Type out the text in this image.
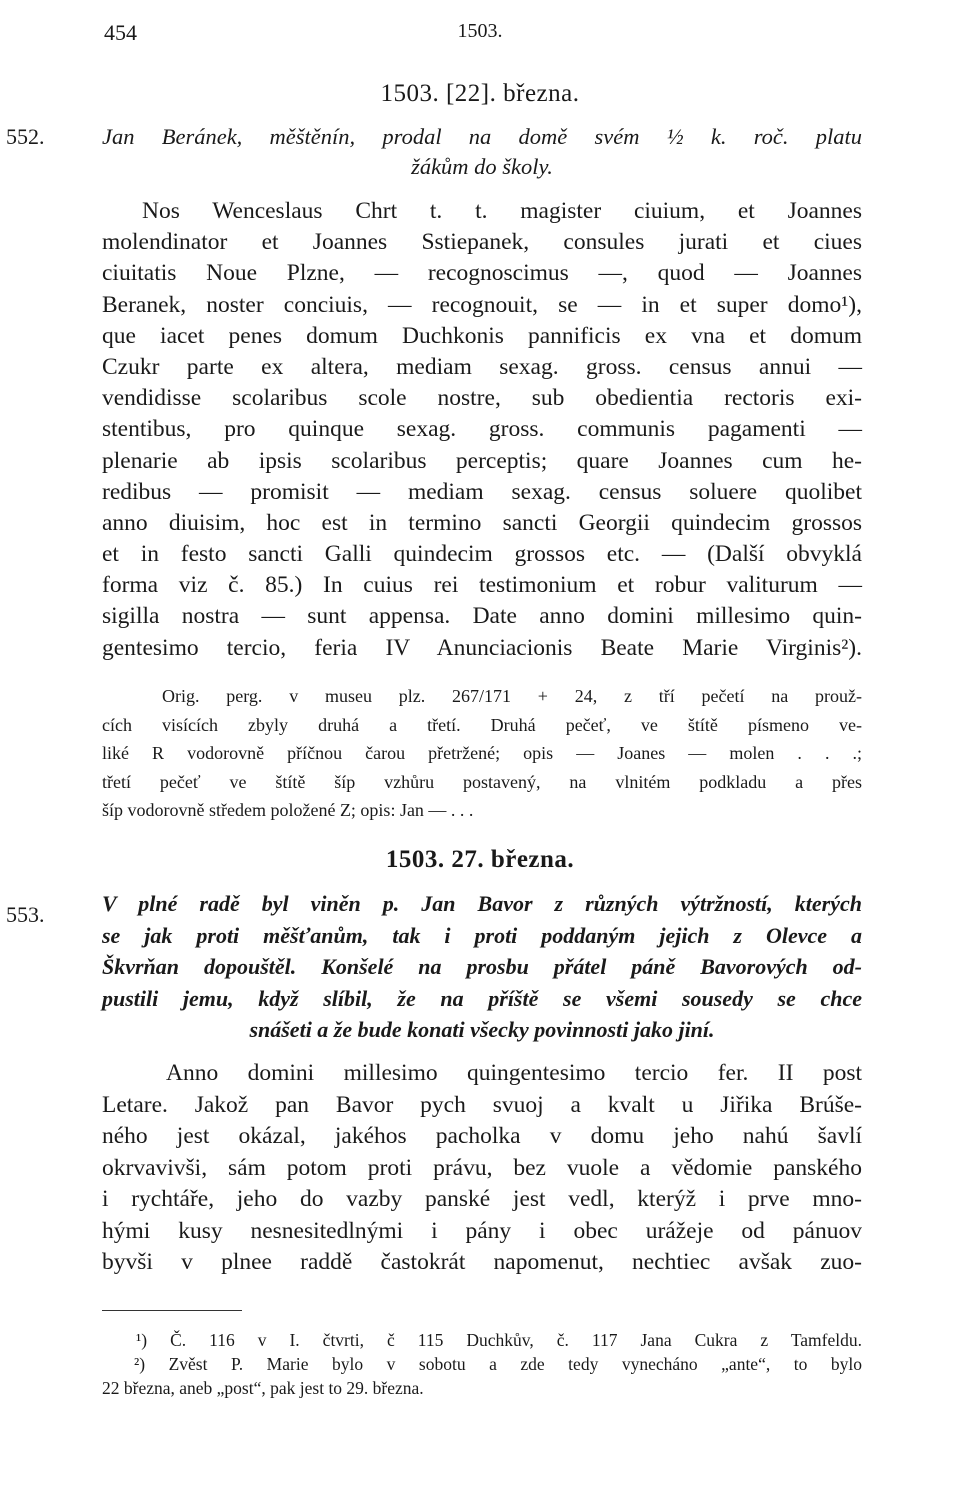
454	1503.
1503. [22]. března.
552.	Jan Beránek, měštěnín, prodal na domě svém ½ k. roč. platu
žákům do školy.
Nos Wenceslaus Chrt t. t. magister ciuium, et Joannes
molendinator et Joannes Sstiepanek, consules jurati et ciues
ciuitatis Noue Plzne, — recognoscimus —, quod — Joannes
Beranek, noster conciuis, — recognouit, se — in et super domo¹),
que iacet penes domum Duchkonis pannificis ex vna et domum
Czukr parte ex altera, mediam sexag. gross. census annui —
vendidisse scolaribus scole nostre, sub obedientia rectoris exi-
stentibus, pro quinque sexag. gross. communis pagamenti —
plenarie ab ipsis scolaribus perceptis; quare Joannes cum he-
redibus — promisit — mediam sexag. census soluere quolibet
anno diuisim, hoc est in termino sancti Georgii quindecim grossos
et in festo sancti Galli quindecim grossos etc. — (Další obvyklá
forma viz č. 85.) In cuius rei testimonium et robur valiturum —
sigilla nostra — sunt appensa. Date anno domini millesimo quin-
gentesimo tercio, feria IV Anunciacionis Beate Marie Virginis²).
Orig. perg. v museu plz. 267/171 + 24, z tří pečetí na prouž-
cích visících zbyly druhá a třetí. Druhá pečeť, ve štítě písmeno ve-
liké R vodorovně příčnou čarou přetržené; opis — Joanes — molen . . .;
třetí pečeť ve štítě šíp vzhůru postavený, na vlnitém podkladu a přes
šíp vodorovně středem položené Z; opis: Jan — . . .
1503. 27. března.
553.	V plné radě byl viněn p. Jan Bavor z různých výtržností, kterých
se jak proti měšťanům, tak i proti poddaným jejich z Olevce a
Škvrňan dopouštěl. Konšelé na prosbu přátel páně Bavorových od-
pustili jemu, když slíbil, že na příště se všemi sousedy se chce
snášeti a že bude konati všecky povinnosti jako jiní.
Anno domini millesimo quingentesimo tercio fer. II post
Letare. Jakož pan Bavor pych svuoj a kvalt u Jiřika Brúše-
ného jest okázal, jakéhos pacholka v domu jeho nahú šavlí
okrvavivši, sám potom proti právu, bez vuole a vědomie panského
i rychtáře, jeho do vazby panské jest vedl, kterýž i prve mno-
hými kusy nesnesitedlnými i pány i obec urážeje od pánuov
byvši v plnee raddě častokrát napomenut, nechtiec avšak zuo-
¹) Č. 116 v I. čtvrti, č 115 Duchkův, č. 117 Jana Cukra z Tamfeldu.
²) Zvěst P. Marie bylo v sobotu a zde tedy vynecháno „ante“, to bylo
22 března, aneb „post“, pak jest to 29. března.
